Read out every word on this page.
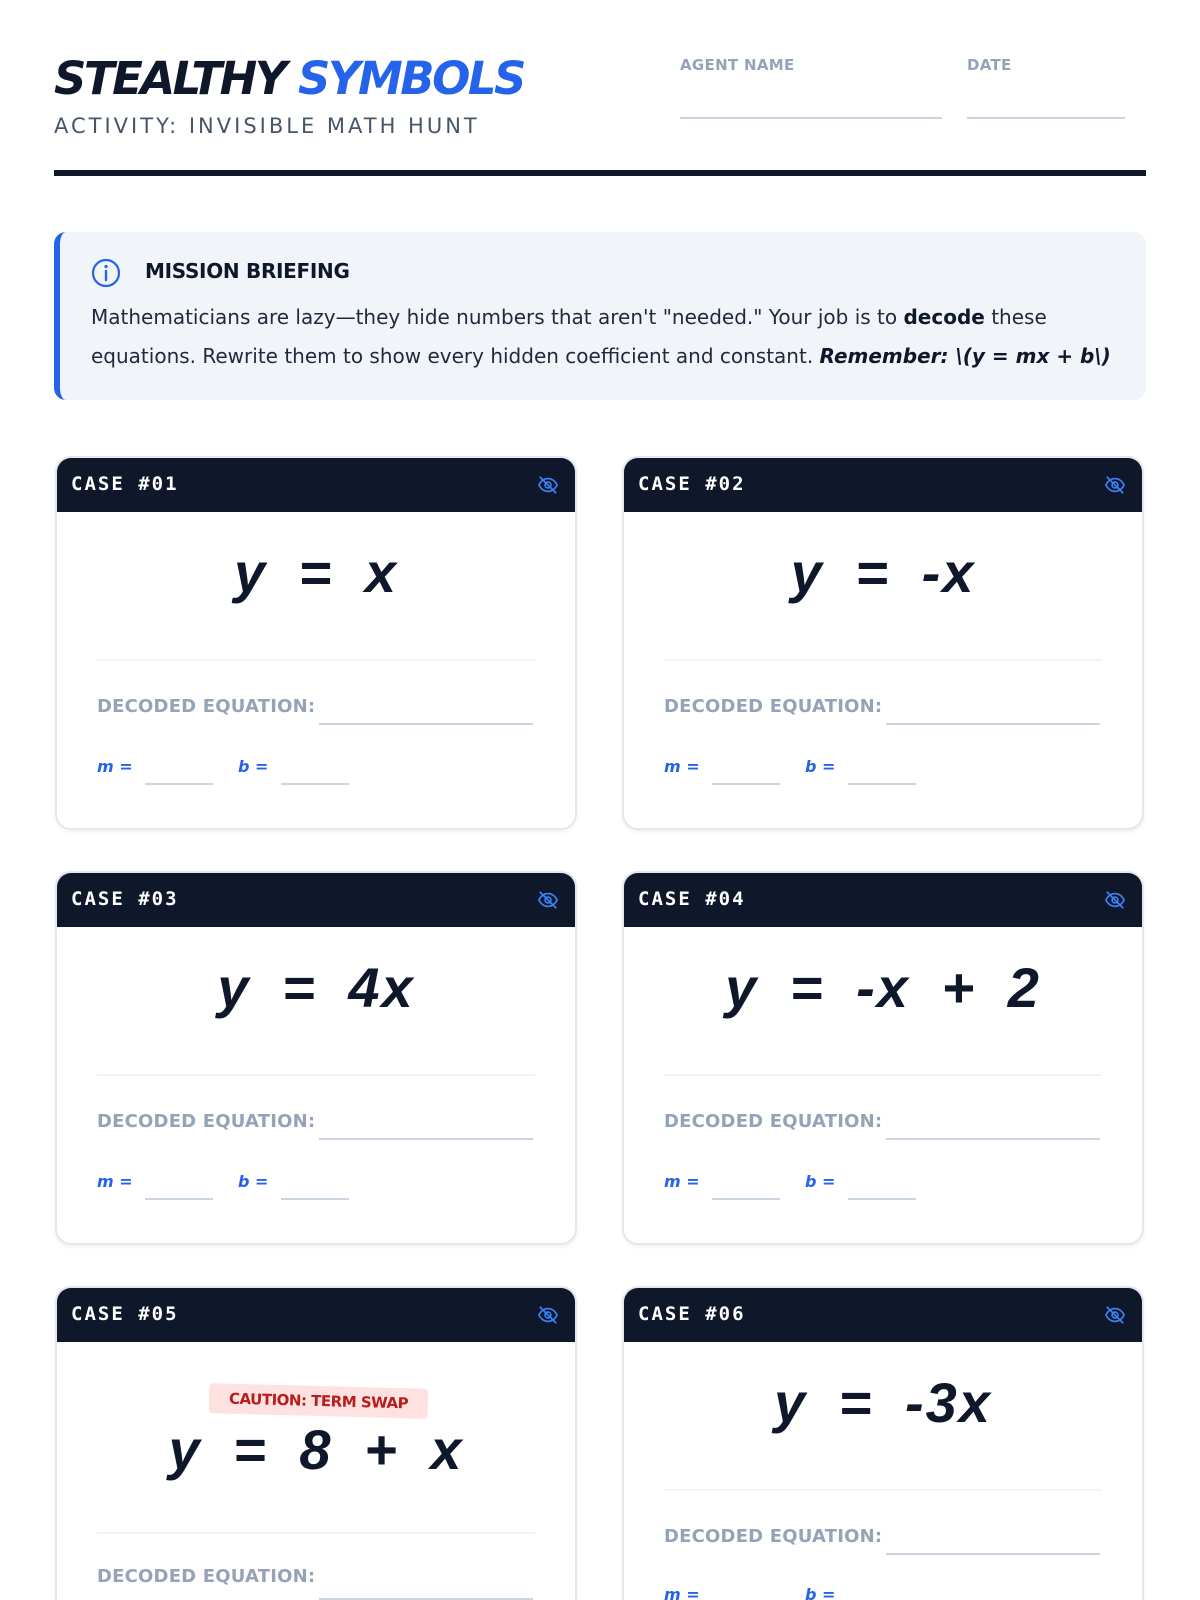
STEALTHY SYMBOLS
ACTIVITY: INVISIBLE MATH HUNT
AGENT NAME	DATE
MISSION BRIEFING
Mathematicians are lazy—they hide numbers that aren't "needed." Your job is to decode these equations. Rewrite them to show every hidden coefficient and constant. Remember: \(y = mx + b\)
CASE #01
y = x
DECODED EQUATION:
m =	b =
CASE #02
y = -x
DECODED EQUATION:
m =	b =
CASE #03
y = 4x
DECODED EQUATION:
m =	b =
CASE #04
y = -x + 2
DECODED EQUATION:
m =	b =
CASE #05
CAUTION: TERM SWAP
y = 8 + x
DECODED EQUATION:
CASE #06
y = -3x
DECODED EQUATION:
m =	b =
